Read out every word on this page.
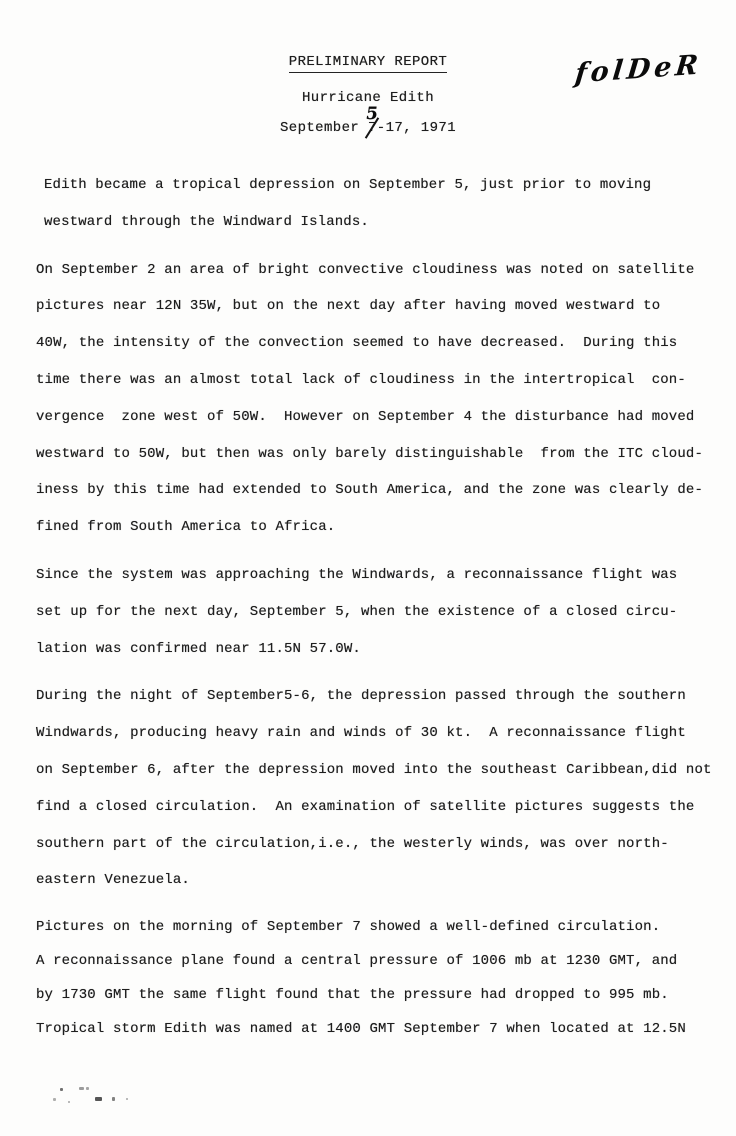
folDeR
PRELIMINARY REPORT
Hurricane Edith
September 7
5
-17, 1971
Edith became a tropical depression on September 5, just prior to moving
westward through the Windward Islands.
On September 2 an area of bright convective cloudiness was noted on satellite
pictures near 12N 35W, but on the next day after having moved westward to
40W, the intensity of the convection seemed to have decreased.  During this
time there was an almost total lack of cloudiness in the intertropical  con-
vergence  zone west of 50W.  However on September 4 the disturbance had moved
westward to 50W, but then was only barely distinguishable  from the ITC cloud-
iness by this time had extended to South America, and the zone was clearly de-
fined from South America to Africa.
Since the system was approaching the Windwards, a reconnaissance flight was
set up for the next day, September 5, when the existence of a closed circu-
lation was confirmed near 11.5N 57.0W.
During the night of September5-6, the depression passed through the southern
Windwards, producing heavy rain and winds of 30 kt.  A reconnaissance flight
on September 6, after the depression moved into the southeast Caribbean,did not
find a closed circulation.  An examination of satellite pictures suggests the
southern part of the circulation,i.e., the westerly winds, was over north-
eastern Venezuela.
Pictures on the morning of September 7 showed a well-defined circulation.
A reconnaissance plane found a central pressure of 1006 mb at 1230 GMT, and
by 1730 GMT the same flight found that the pressure had dropped to 995 mb.
Tropical storm Edith was named at 1400 GMT September 7 when located at 12.5N
